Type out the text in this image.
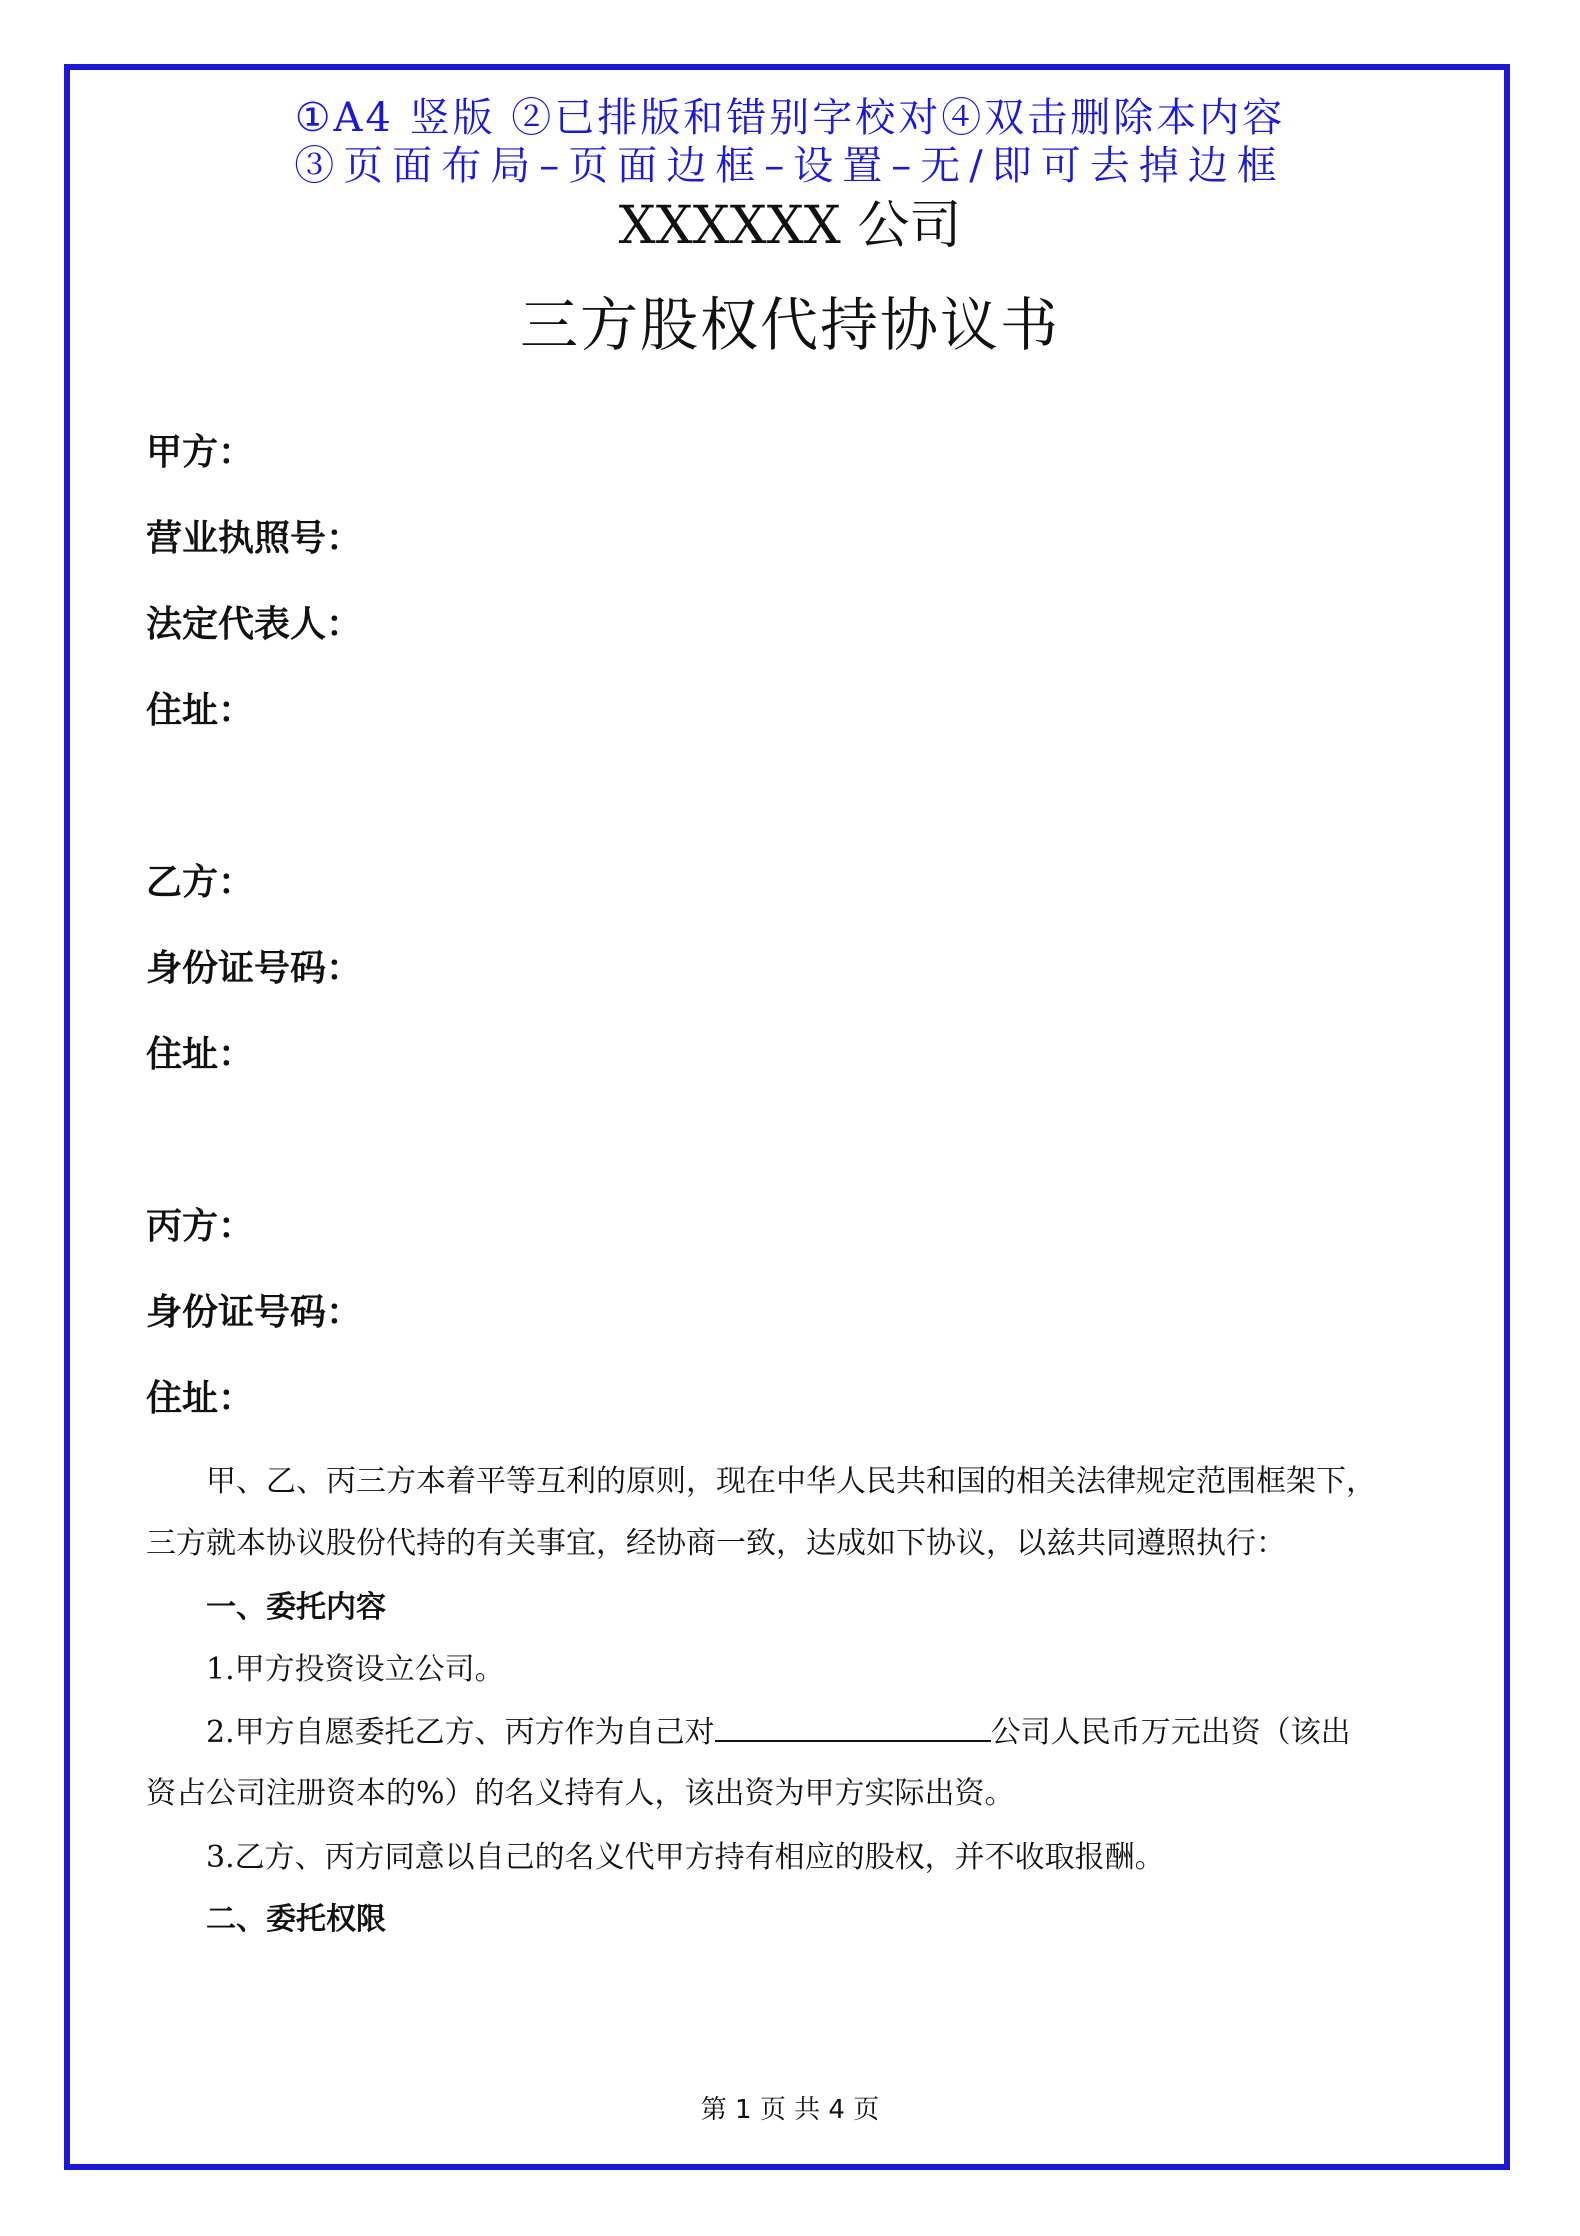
①A4 竖版 ②已排版和错别字校对④双击删除本内容
③页面布局–页面边框–设置–无/即可去掉边框
XXXXXX 公司
三方股权代持协议书
甲方：
营业执照号：
法定代表人：
住址：
乙方：
身份证号码：
住址：
丙方：
身份证号码：
住址：
甲、乙、丙三方本着平等互利的原则，现在中华人民共和国的相关法律规定范围框架下，
三方就本协议股份代持的有关事宜，经协商一致，达成如下协议，以兹共同遵照执行：
一、委托内容
1.甲方投资设立公司。
2.甲方自愿委托乙方、丙方作为自己对	公司人民币万元出资（该出
资占公司注册资本的%）的名义持有人，该出资为甲方实际出资。
3.乙方、丙方同意以自己的名义代甲方持有相应的股权，并不收取报酬。
二、委托权限
第 1 页 共 4 页
